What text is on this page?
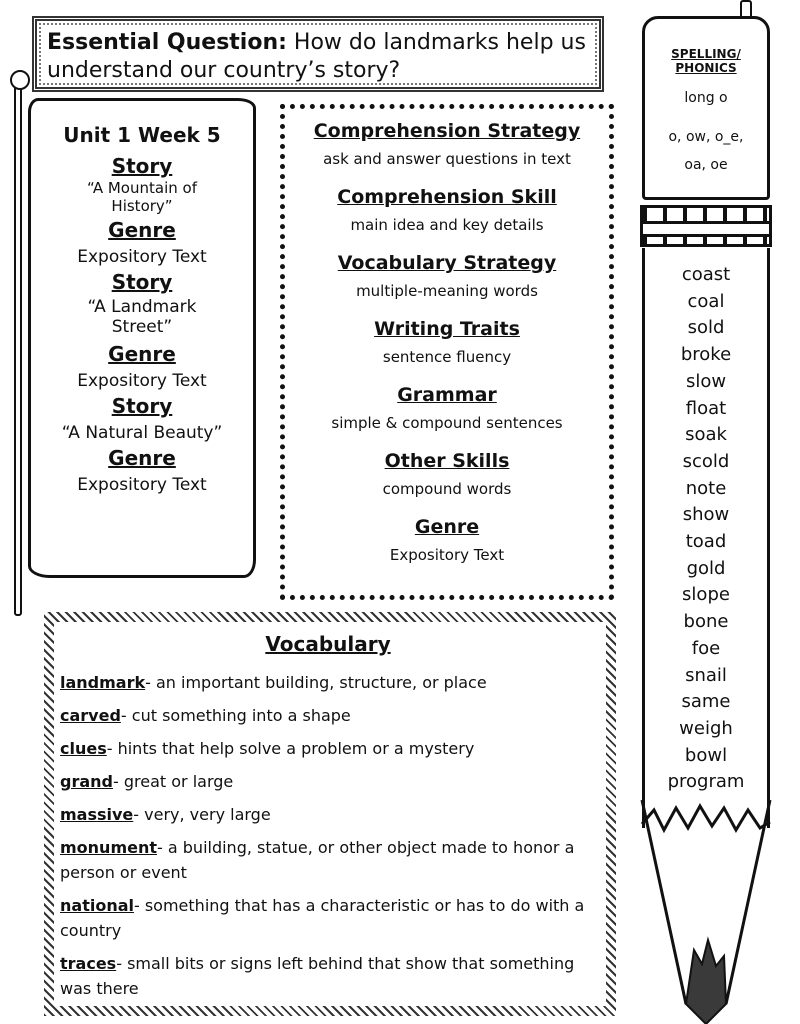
Essential Question: How do landmarks help us understand our country’s story?
Unit 1 Week 5
Story
“A Mountain of History”
Genre
Expository Text
Story
“A Landmark Street”
Genre
Expository Text
Story
“A Natural Beauty”
Genre
Expository Text
Comprehension Strategy
ask and answer questions in text
Comprehension Skill
main idea and key details
Vocabulary Strategy
multiple-meaning words
Writing Traits
sentence fluency
Grammar
simple & compound sentences
Other Skills
compound words
Genre
Expository Text
Vocabulary
landmark- an important building, structure, or place
carved- cut something into a shape
clues- hints that help solve a problem or a mystery
grand- great or large
massive- very, very large
monument- a building, statue, or other object made to honor a person or event
national- something that has a characteristic or has to do with a country
traces- small bits or signs left behind that show that something was there
SPELLING/ PHONICS
long o
o, ow, o_e, oa, oe
coast
coal
sold
broke
slow
float
soak
scold
note
show
toad
gold
slope
bone
foe
snail
same
weigh
bowl
program
